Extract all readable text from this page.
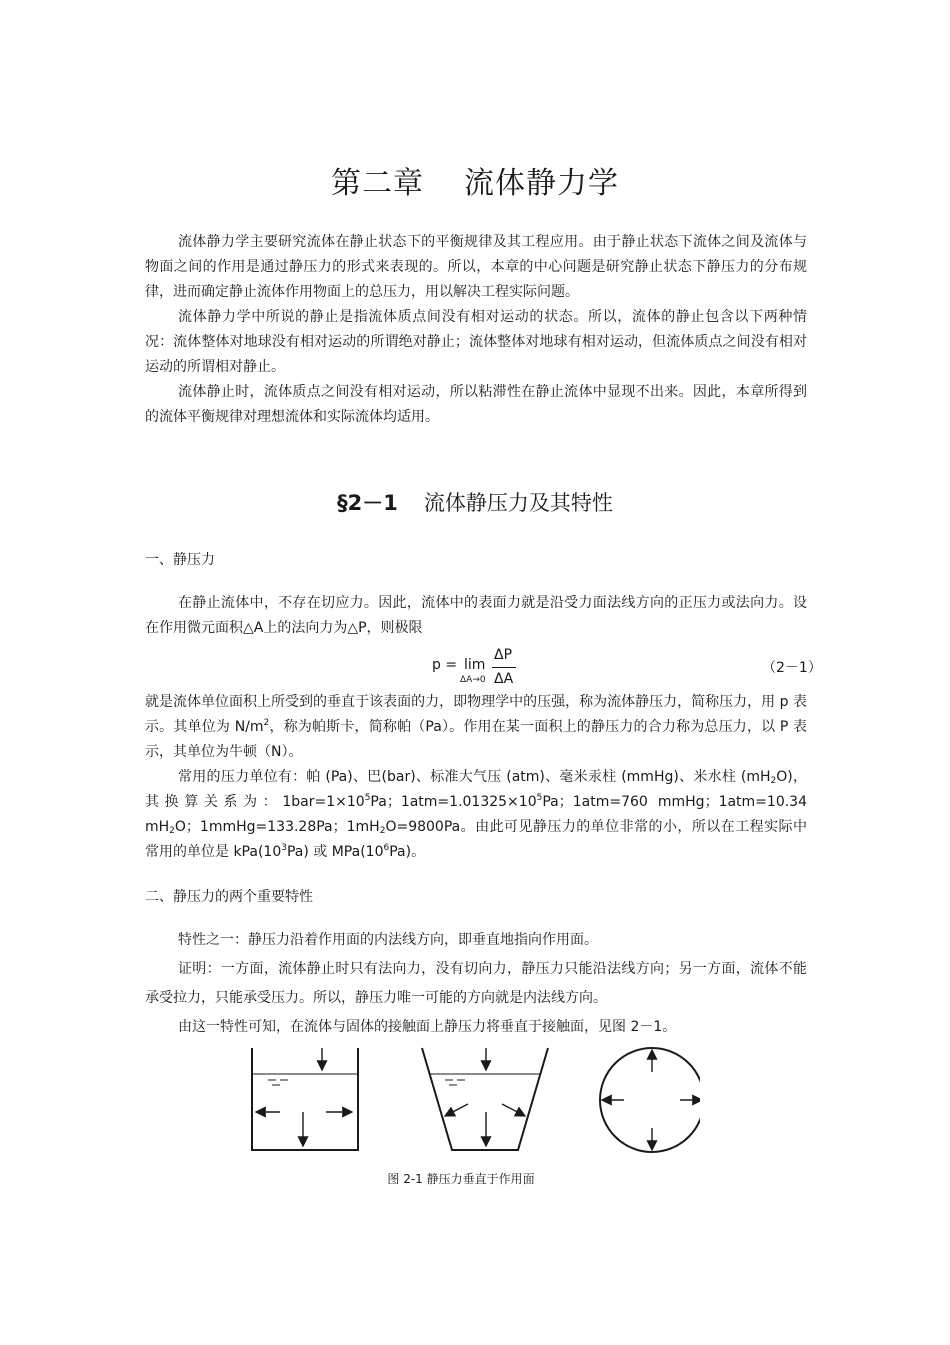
第二章 流体静力学

流体静力学主要研究流体在静止状态下的平衡规律及其工程应用。由于静止状态下流体之间及流体与物面之间的作用是通过静压力的形式来表现的。所以，本章的中心问题是研究静止状态下静压力的分布规律，进而确定静止流体作用物面上的总压力，用以解决工程实际问题。

流体静力学中所说的静止是指流体质点间没有相对运动的状态。所以，流体的静止包含以下两种情况：流体整体对地球没有相对运动的所谓绝对静止；流体整体对地球有相对运动，但流体质点之间没有相对运动的所谓相对静止。

流体静止时，流体质点之间没有相对运动，所以粘滞性在静止流体中显现不出来。因此，本章所得到的流体平衡规律对理想流体和实际流体均适用。

§2－1 流体静压力及其特性
一、静压力

在静止流体中，不存在切应力。因此，流体中的表面力就是沿受力面法线方向的正压力或法向力。设在作用微元面积△A上的法向力为△P，则极限

p = lim
ΔA→0
ΔP
ΔA
（2－1）

就是流体单位面积上所受到的垂直于该表面的力，即物理学中的压强，称为流体静压力，简称压力，用 p 表示。其单位为 $N/m^2$，称为帕斯卡，简称帕（Pa）。作用在某一面积上的静压力的合力称为总压力，以 P 表示，其单位为牛顿（N）。

常用的压力单位有：帕 (Pa)、巴(bar)、标准大气压 (atm)、毫米汞柱 (mmHg)、米水柱 $(mH_2O)$，其换算关系为：$1bar=1\times 10^5Pa$；$1atm=1.01325\times 10^5Pa$；1atm=760 mmHg；1atm=10.34 $mH_2O$；1mmHg=133.28Pa；$1mH_2O=9800Pa$。由此可见静压力的单位非常的小，所以在工程实际中常用的单位是 $kPa(10^3Pa)$ 或 $MPa(10^6Pa)$。

二、静压力的两个重要特性

特性之一：静压力沿着作用面的内法线方向，即垂直地指向作用面。

证明：一方面，流体静止时只有法向力，没有切向力，静压力只能沿法线方向；另一方面，流体不能承受拉力，只能承受压力。所以，静压力唯一可能的方向就是内法线方向。

由这一特性可知，在流体与固体的接触面上静压力将垂直于接触面，见图 2－1。

图 2-1 静压力垂直于作用面
